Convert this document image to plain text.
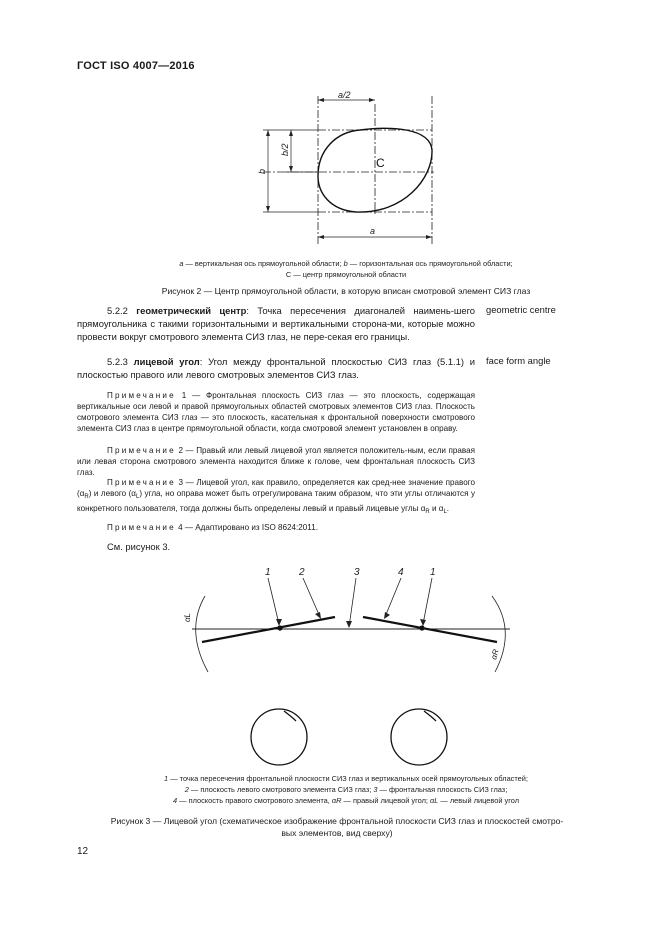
ГОСТ ISO 4007—2016
a/2
a
b
b/2
C
a — вертикальная ось прямоугольной области; b — горизонтальная ось прямоугольной области;
C — центр прямоугольной области
Рисунок 2 — Центр прямоугольной области, в которую вписан смотровой элемент СИЗ глаз
5.2.2 геометрический центр: Точка пересечения диагоналей наимень-шего прямоугольника с такими горизонтальными и вертикальными сторона-ми, которые можно провести вокруг смотрового элемента СИЗ глаз, не пере-секая его границы.
geometric centre
5.2.3 лицевой угол: Угол между фронтальной плоскостью СИЗ глаз (5.1.1) и плоскостью правого или левого смотровых элементов СИЗ глаз.
face form angle
Примечание 1 — Фронтальная плоскость СИЗ глаз — это плоскость, содержащая вертикальные оси левой и правой прямоугольных областей смотровых элементов СИЗ глаз. Плоскость смотрового элемента СИЗ глаз — это плоскость, касательная к фронтальной поверхности смотрового элемента СИЗ глаз в центре прямоугольной области, когда смотровой элемент установлен в оправу.
Примечание 2 — Правый или левый лицевой угол является положитель-ным, если правая или левая сторона смотрового элемента находится ближе к голове, чем фронтальная плоскость СИЗ глаз.
Примечание 3 — Лицевой угол, как правило, определяется как сред-нее значение правого $(\alpha_R)$ и левого $(\alpha_L)$ угла, но оправа может быть отрегулирована таким образом, что эти углы отличаются у конкретного пользователя, тогда должны быть определены левый и правый лицевые углы $\alpha_R$ и $\alpha_L$.
Примечание 4 — Адаптировано из ISO 8624:2011.
См. рисунок 3.
1	2	3	4	1
αL
αR
1 — точка пересечения фронтальной плоскости СИЗ глаз и вертикальных осей прямоугольных областей;
2 — плоскость левого смотрового элемента СИЗ глаз; 3 — фронтальная плоскость СИЗ глаз;
4 — плоскость правого смотрового элемента, αR — правый лицевой угол; αL — левый лицевой угол
Рисунок 3 — Лицевой угол (схематическое изображение фронтальной плоскости СИЗ глаз и плоскостей смотро-
вых элементов, вид сверху)
12
